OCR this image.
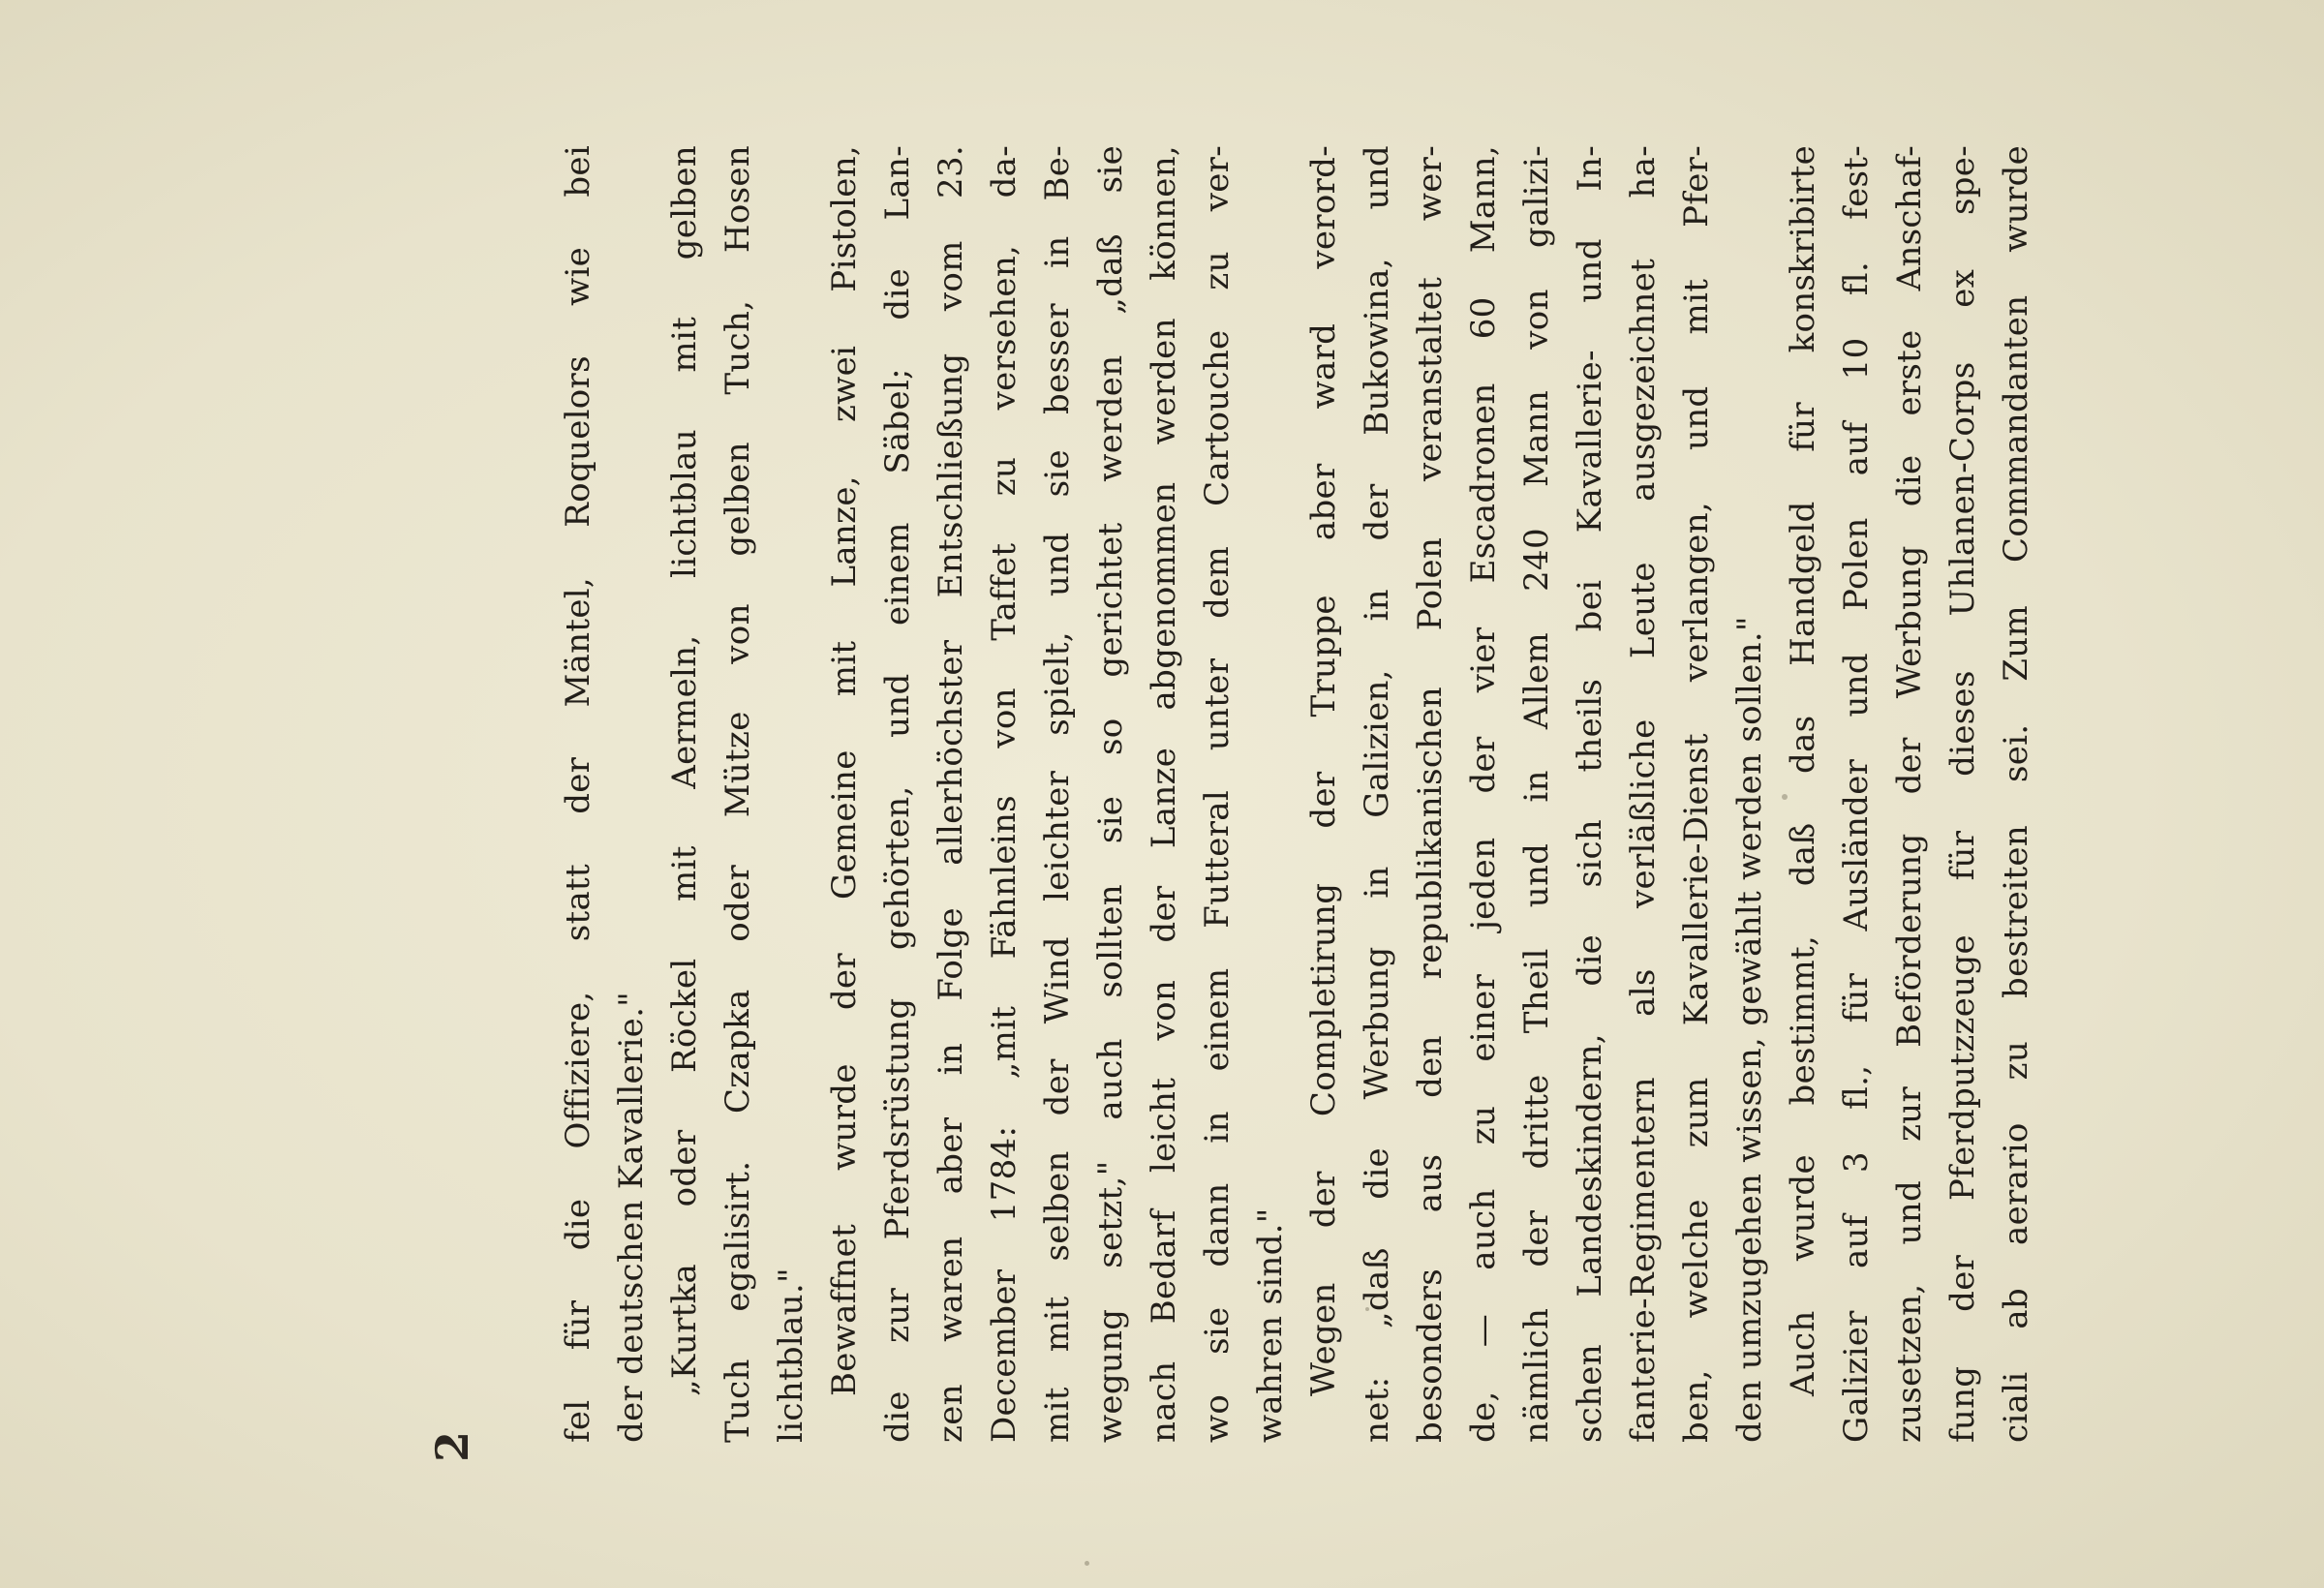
2
fel für die Offiziere, statt der Mäntel, Roquelors wie bei der deutschen Kavallerie." „Kurtka oder Röckel mit Aermeln, lichtblau mit gelben Tuch egalisirt. Czapka oder Mütze von gelben Tuch, Hosen lichtblau." Bewaffnet wurde der Gemeine mit Lanze, zwei Pistolen, die zur Pferdsrüstung gehörten, und einem Säbel; die Lan- zen waren aber in Folge allerhöchster Entschließung vom 23. December 1784: „mit Fähnleins von Taffet zu versehen, da- mit mit selben der Wind leichter spielt, und sie besser in Be- wegung setzt," auch sollten sie so gerichtet werden „daß sie nach Bedarf leicht von der Lanze abgenommen werden können, wo sie dann in einem Futteral unter dem Cartouche zu ver- wahren sind." Wegen der Completirung der Truppe aber ward verord- net: „daß die Werbung in Galizien, in der Bukowina, und besonders aus den republikanischen Polen veranstaltet wer- de, — auch zu einer jeden der vier Escadronen 60 Mann, nämlich der dritte Theil und in Allem 240 Mann von galizi- schen Landeskindern, die sich theils bei Kavallerie- und In- fanterie-Regimentern als verläßliche Leute ausgezeichnet ha- ben, welche zum Kavallerie-Dienst verlangen, und mit Pfer- den umzugehen wissen, gewählt werden sollen." Auch wurde bestimmt, daß das Handgeld für konskribirte Galizier auf 3 fl., für Ausländer und Polen auf 10 fl. fest- zusetzen, und zur Beförderung der Werbung die erste Anschaf- fung der Pferdputzzeuge für dieses Uhlanen-Corps ex spe- ciali ab aerario zu bestreiten sei. Zum Commandanten wurde
